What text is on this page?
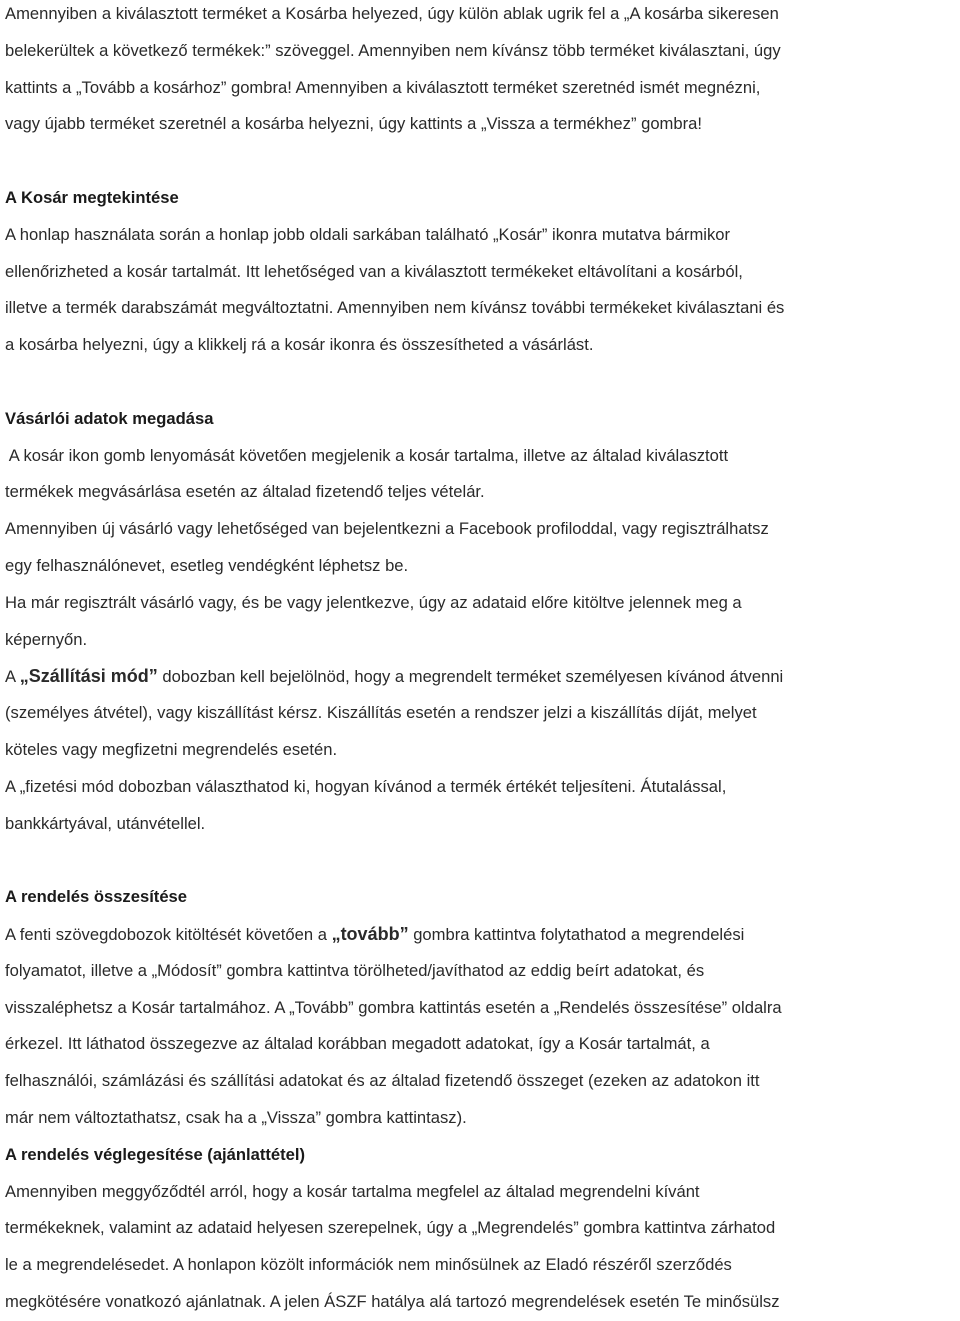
Amennyiben a kiválasztott terméket a Kosárba helyezed, úgy külön ablak ugrik fel a „A kosárba sikeresen
belekerültek a következő termékek:” szöveggel. Amennyiben nem kívánsz több terméket kiválasztani, úgy
kattints a „Tovább a kosárhoz” gombra! Amennyiben a kiválasztott terméket szeretnéd ismét megnézni,
vagy újabb terméket szeretnél a kosárba helyezni, úgy kattints a „Vissza a termékhez” gombra!
A Kosár megtekintése
A honlap használata során a honlap jobb oldali sarkában található „Kosár” ikonra mutatva bármikor
ellenőrizheted a kosár tartalmát. Itt lehetőséged van a kiválasztott termékeket eltávolítani a kosárból,
illetve a termék darabszámát megváltoztatni. Amennyiben nem kívánsz további termékeket kiválasztani és
a kosárba helyezni, úgy a klikkelj rá a kosár ikonra és összesítheted a vásárlást.
Vásárlói adatok megadása
A kosár ikon gomb lenyomását követően megjelenik a kosár tartalma, illetve az általad kiválasztott
termékek megvásárlása esetén az általad fizetendő teljes vételár.
Amennyiben új vásárló vagy lehetőséged van bejelentkezni a Facebook profiloddal, vagy regisztrálhatsz
egy felhasználónevet, esetleg vendégként léphetsz be.
Ha már regisztrált vásárló vagy, és be vagy jelentkezve, úgy az adataid előre kitöltve jelennek meg a
képernyőn.
A „Szállítási mód” dobozban kell bejelölnöd, hogy a megrendelt terméket személyesen kívánod átvenni
(személyes átvétel), vagy kiszállítást kérsz. Kiszállítás esetén a rendszer jelzi a kiszállítás díját, melyet
köteles vagy megfizetni megrendelés esetén.
A „fizetési mód dobozban választhatod ki, hogyan kívánod a termék értékét teljesíteni. Átutalással,
bankkártyával, utánvétellel.
A rendelés összesítése
A fenti szövegdobozok kitöltését követően a „tovább” gombra kattintva folytathatod a megrendelési
folyamatot, illetve a „Módosít” gombra kattintva törölheted/javíthatod az eddig beírt adatokat, és
visszaléphetsz a Kosár tartalmához. A „Tovább” gombra kattintás esetén a „Rendelés összesítése” oldalra
érkezel. Itt láthatod összegezve az általad korábban megadott adatokat, így a Kosár tartalmát, a
felhasználói, számlázási és szállítási adatokat és az általad fizetendő összeget (ezeken az adatokon itt
már nem változtathatsz, csak ha a „Vissza” gombra kattintasz).
A rendelés véglegesítése (ajánlattétel)
Amennyiben meggyőződtél arról, hogy a kosár tartalma megfelel az általad megrendelni kívánt
termékeknek, valamint az adataid helyesen szerepelnek, úgy a „Megrendelés” gombra kattintva zárhatod
le a megrendelésedet. A honlapon közölt információk nem minősülnek az Eladó részéről szerződés
megkötésére vonatkozó ajánlatnak. A jelen ÁSZF hatálya alá tartozó megrendelések esetén Te minősülsz
